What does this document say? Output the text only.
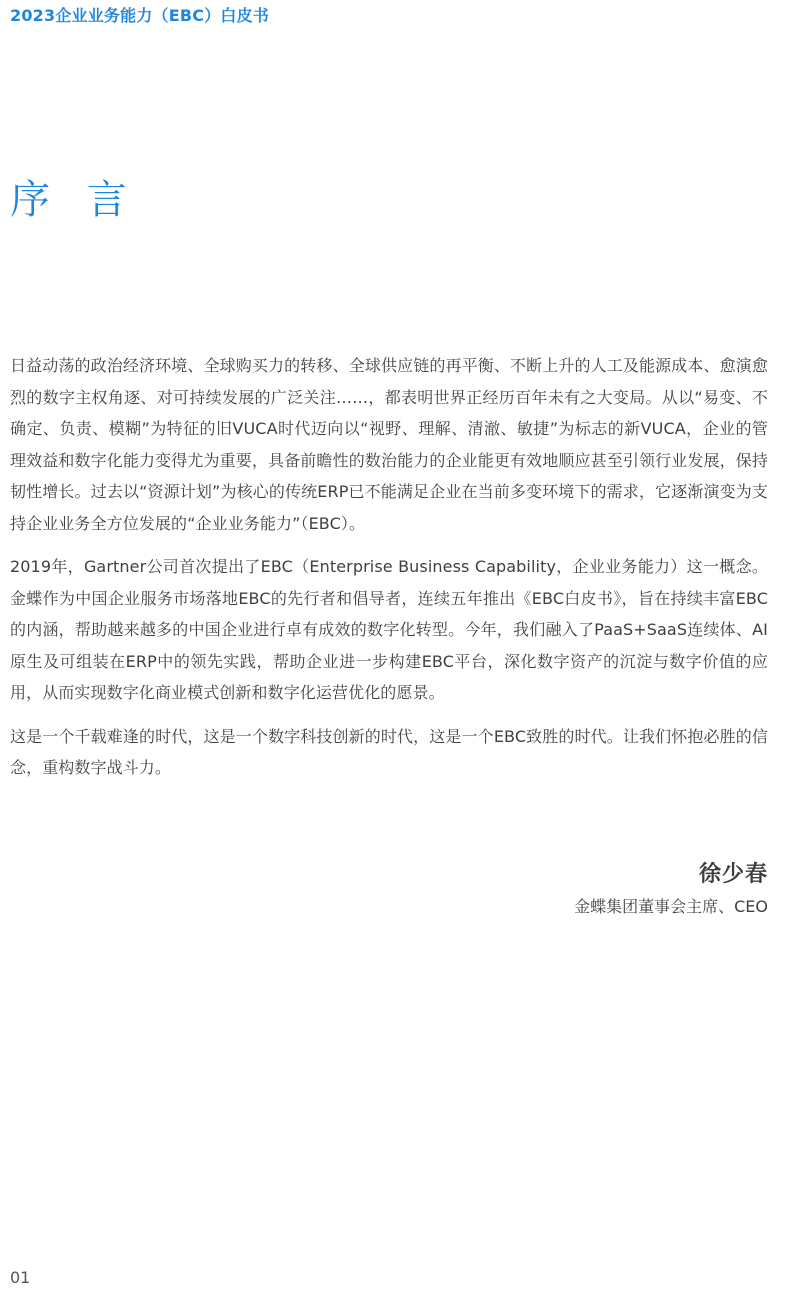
2023企业业务能力（EBC）白皮书
序 言

日益动荡的政治经济环境、全球购买力的转移、全球供应链的再平衡、不断上升的人工及能源成本、愈演愈烈的数字主权角逐、对可持续发展的广泛关注……，都表明世界正经历百年未有之大变局。从以“易变、不确定、负责、模糊”为特征的旧VUCA时代迈向以“视野、理解、清澈、敏捷”为标志的新VUCA，企业的管理效益和数字化能力变得尤为重要，具备前瞻性的数治能力的企业能更有效地顺应甚至引领行业发展，保持韧性增长。过去以“资源计划”为核心的传统ERP已不能满足企业在当前多变环境下的需求，它逐渐演变为支持企业业务全方位发展的“企业业务能力”（EBC）。

2019年，Gartner公司首次提出了EBC（Enterprise Business Capability，企业业务能力）这一概念。金蝶作为中国企业服务市场落地EBC的先行者和倡导者，连续五年推出《EBC白皮书》，旨在持续丰富EBC的内涵，帮助越来越多的中国企业进行卓有成效的数字化转型。今年，我们融入了PaaS+SaaS连续体、AI原生及可组装在ERP中的领先实践，帮助企业进一步构建EBC平台，深化数字资产的沉淀与数字价值的应用，从而实现数字化商业模式创新和数字化运营优化的愿景。

这是一个千载难逢的时代，这是一个数字科技创新的时代，这是一个EBC致胜的时代。让我们怀抱必胜的信念，重构数字战斗力。

徐少春
金蝶集团董事会主席、CEO
01
